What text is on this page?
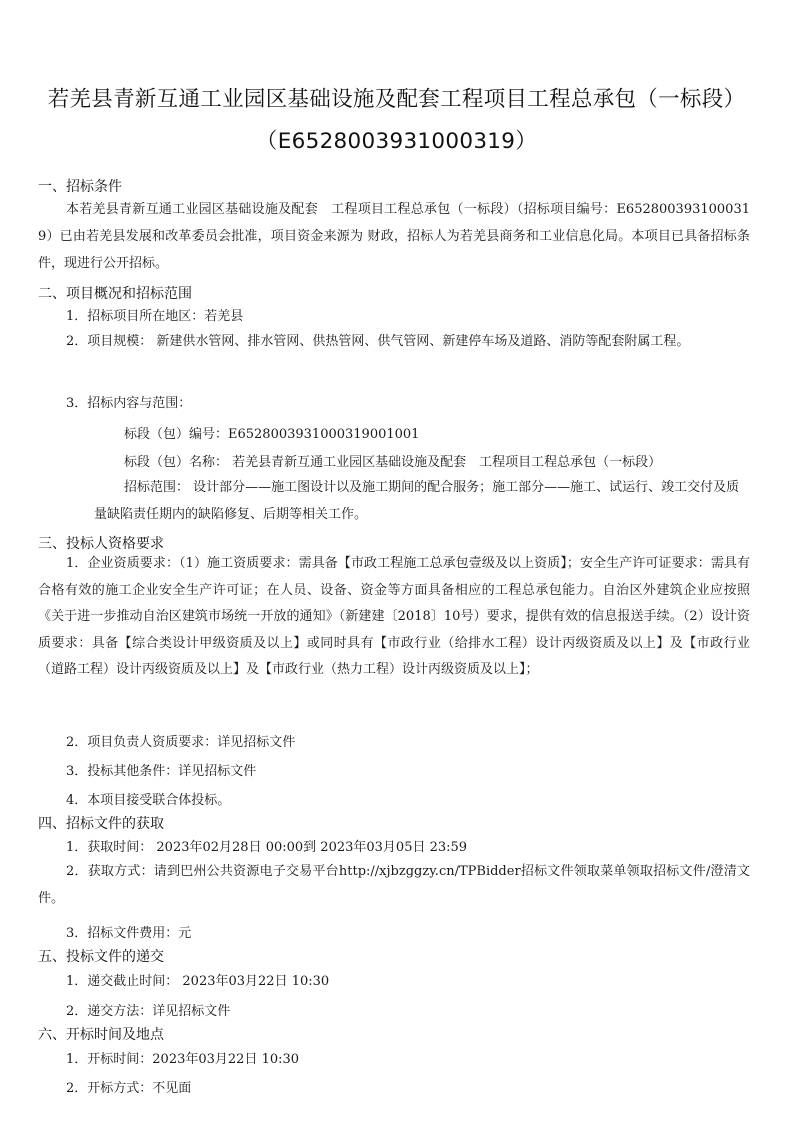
若羌县青新互通工业园区基础设施及配套工程项目工程总承包（一标段）
（E6528003931000319）
一、招标条件
本若羌县青新互通工业园区基础设施及配套　工程项目工程总承包（一标段）（招标项目编号：E6528003931000319）已由若羌县发展和改革委员会批准，项目资金来源为 财政，招标人为若羌县商务和工业信息化局。本项目已具备招标条件，现进行公开招标。
二、项目概况和招标范围
1．招标项目所在地区：若羌县
2．项目规模： 新建供水管网、排水管网、供热管网、供气管网、新建停车场及道路、消防等配套附属工程。
3．招标内容与范围：
标段（包）编号：E6528003931000319001001
标段（包）名称： 若羌县青新互通工业园区基础设施及配套　工程项目工程总承包（一标段）
招标范围： 设计部分——施工图设计以及施工期间的配合服务；施工部分——施工、试运行、竣工交付及质量缺陷责任期内的缺陷修复、后期等相关工作。
三、投标人资格要求
1．企业资质要求：（1）施工资质要求：需具备【市政工程施工总承包壹级及以上资质】；安全生产许可证要求：需具有合格有效的施工企业安全生产许可证；在人员、设备、资金等方面具备相应的工程总承包能力。自治区外建筑企业应按照《关于进一步推动自治区建筑市场统一开放的通知》（新建建〔2018〕10号）要求，提供有效的信息报送手续。（2）设计资质要求：具备【综合类设计甲级资质及以上】或同时具有【市政行业（给排水工程）设计丙级资质及以上】及【市政行业（道路工程）设计丙级资质及以上】及【市政行业（热力工程）设计丙级资质及以上】；
2．项目负责人资质要求：详见招标文件
3．投标其他条件：详见招标文件
4．本项目接受联合体投标。
四、招标文件的获取
1．获取时间： 2023年02月28日 00:00到 2023年03月05日 23:59
2．获取方式：请到巴州公共资源电子交易平台http://xjbzggzy.cn/TPBidder招标文件领取菜单领取招标文件/澄清文件。
3．招标文件费用：元
五、投标文件的递交
1．递交截止时间： 2023年03月22日 10:30
2．递交方法：详见招标文件
六、开标时间及地点
1．开标时间：2023年03月22日 10:30
2．开标方式：不见面
